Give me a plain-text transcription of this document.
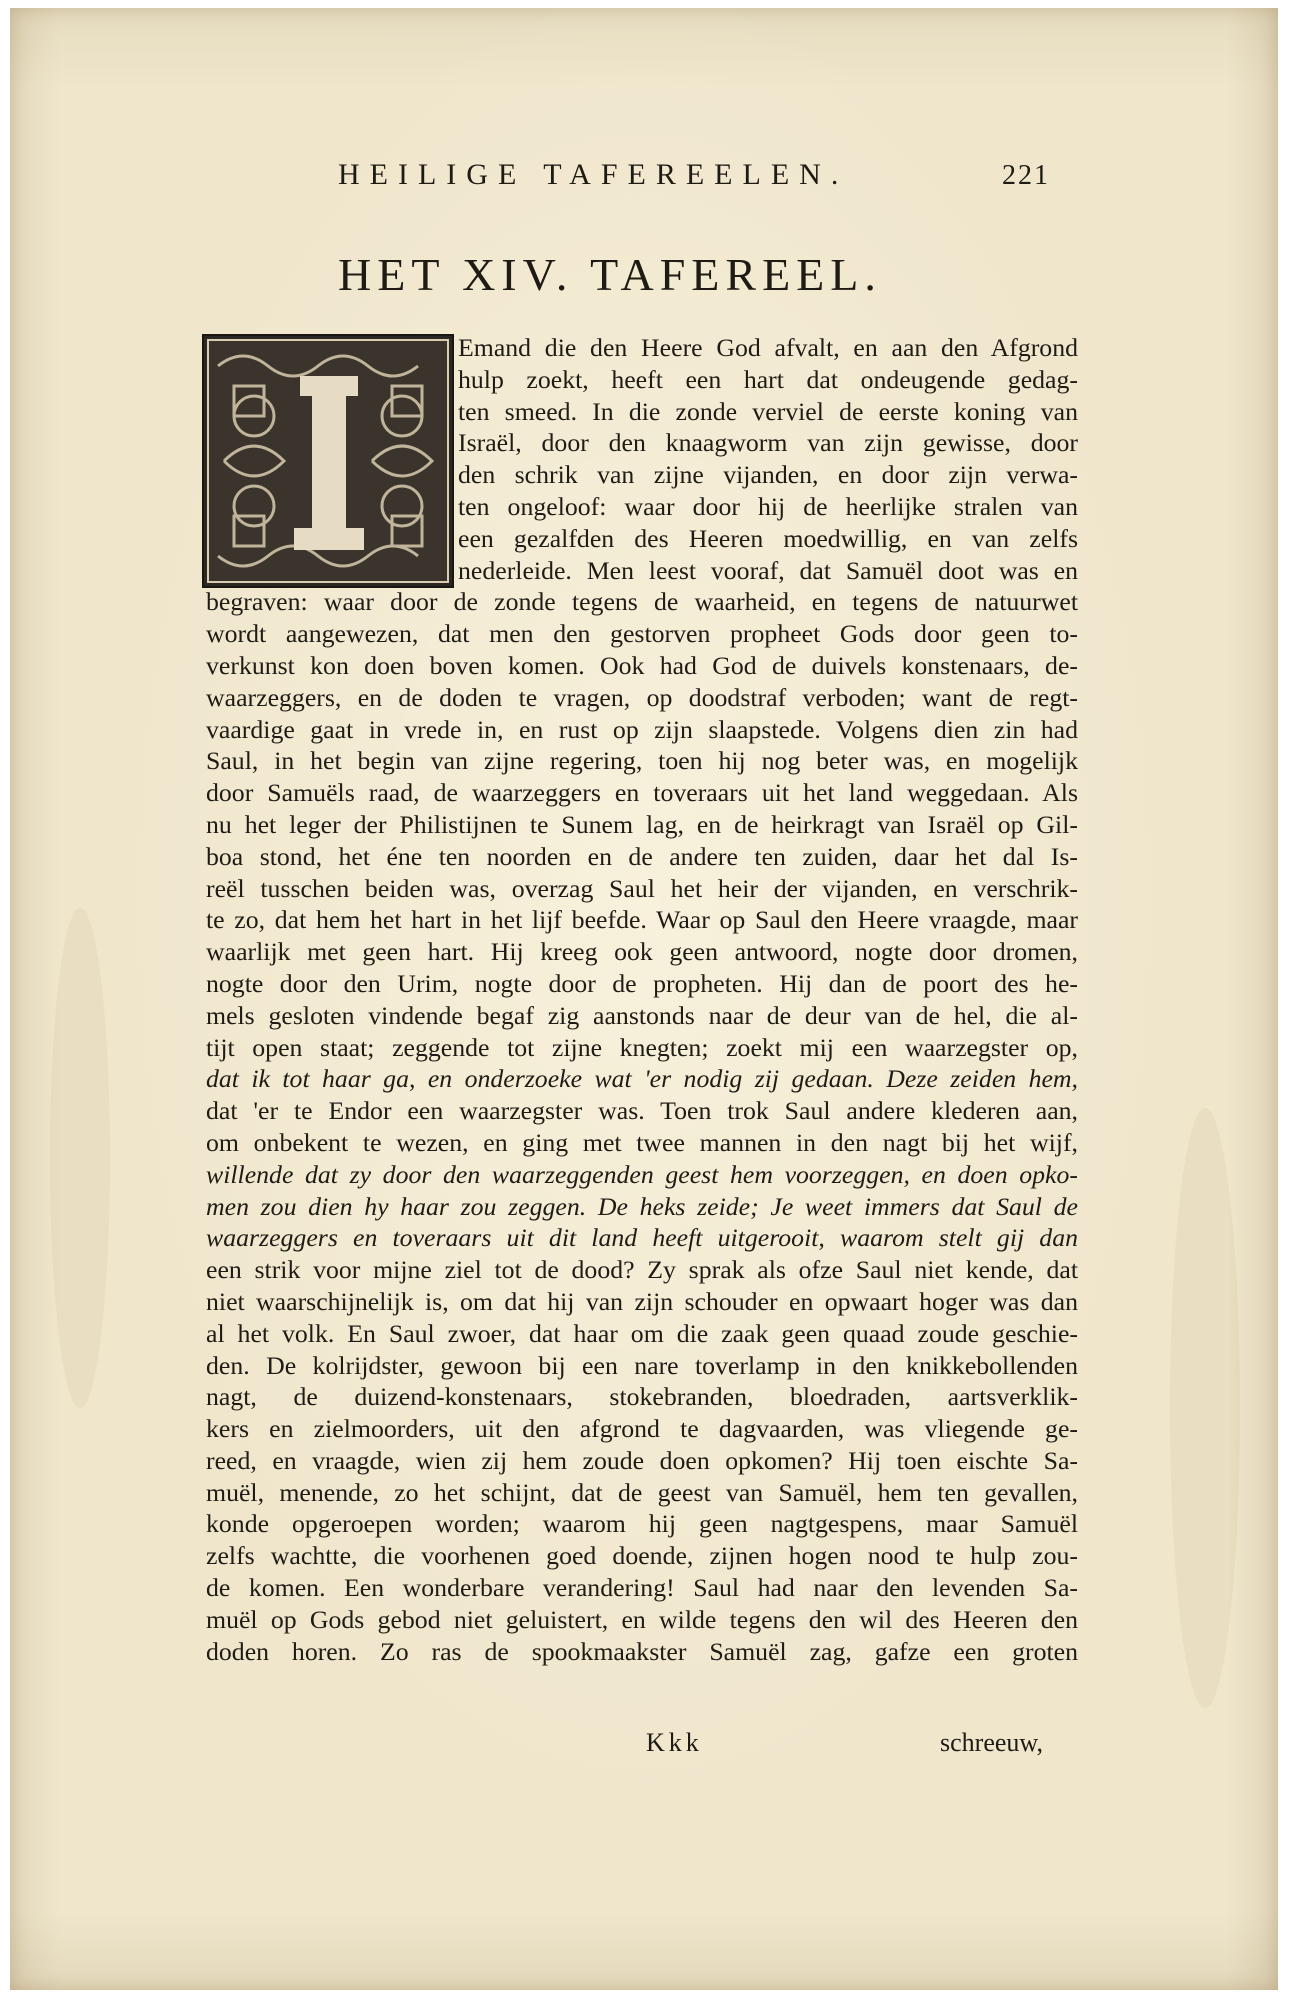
HEILIGE TAFEREELEN.	221
HET XIV. TAFEREEL.
Emand die den Heere God afvalt, en aan den Afgrond
hulp zoekt, heeft een hart dat ondeugende gedag-
ten smeed. In die zonde verviel de eerste koning van
Israël, door den knaagworm van zijn gewisse, door
den schrik van zijne vijanden, en door zijn verwa-
ten ongeloof: waar door hij de heerlijke stralen van
een gezalfden des Heeren moedwillig, en van zelfs
nederleide. Men leest vooraf, dat Samuël doot was en
begraven: waar door de zonde tegens de waarheid, en tegens de natuurwet
wordt aangewezen, dat men den gestorven propheet Gods door geen to-
verkunst kon doen boven komen. Ook had God de duivels konstenaars, de-
waarzeggers, en de doden te vragen, op doodstraf verboden; want de regt-
vaardige gaat in vrede in, en rust op zijn slaapstede. Volgens dien zin had
Saul, in het begin van zijne regering, toen hij nog beter was, en mogelijk
door Samuëls raad, de waarzeggers en toveraars uit het land weggedaan. Als
nu het leger der Philistijnen te Sunem lag, en de heirkragt van Israël op Gil-
boa stond, het éne ten noorden en de andere ten zuiden, daar het dal Is-
reël tusschen beiden was, overzag Saul het heir der vijanden, en verschrik-
te zo, dat hem het hart in het lijf beefde. Waar op Saul den Heere vraagde, maar
waarlijk met geen hart. Hij kreeg ook geen antwoord, nogte door dromen,
nogte door den Urim, nogte door de propheten. Hij dan de poort des he-
mels gesloten vindende begaf zig aanstonds naar de deur van de hel, die al-
tijt open staat; zeggende tot zijne knegten; zoekt mij een waarzegster op,
dat ik tot haar ga, en onderzoeke wat 'er nodig zij gedaan. Deze zeiden hem,
dat 'er te Endor een waarzegster was. Toen trok Saul andere klederen aan,
om onbekent te wezen, en ging met twee mannen in den nagt bij het wijf,
willende dat zy door den waarzeggenden geest hem voorzeggen, en doen opko-
men zou dien hy haar zou zeggen. De heks zeide; Je weet immers dat Saul de
waarzeggers en toveraars uit dit land heeft uitgerooit, waarom stelt gij dan
een strik voor mijne ziel tot de dood? Zy sprak als ofze Saul niet kende, dat
niet waarschijnelijk is, om dat hij van zijn schouder en opwaart hoger was dan
al het volk. En Saul zwoer, dat haar om die zaak geen quaad zoude geschie-
den. De kolrijdster, gewoon bij een nare toverlamp in den knikkebollenden
nagt, de duizend-konstenaars, stokebranden, bloedraden, aartsverklik-
kers en zielmoorders, uit den afgrond te dagvaarden, was vliegende ge-
reed, en vraagde, wien zij hem zoude doen opkomen? Hij toen eischte Sa-
muël, menende, zo het schijnt, dat de geest van Samuël, hem ten gevallen,
konde opgeroepen worden; waarom hij geen nagtgespens, maar Samuël
zelfs wachtte, die voorhenen goed doende, zijnen hogen nood te hulp zou-
de komen. Een wonderbare verandering! Saul had naar den levenden Sa-
muël op Gods gebod niet geluistert, en wilde tegens den wil des Heeren den
doden horen. Zo ras de spookmaakster Samuël zag, gafze een groten
Kkk	schreeuw,
